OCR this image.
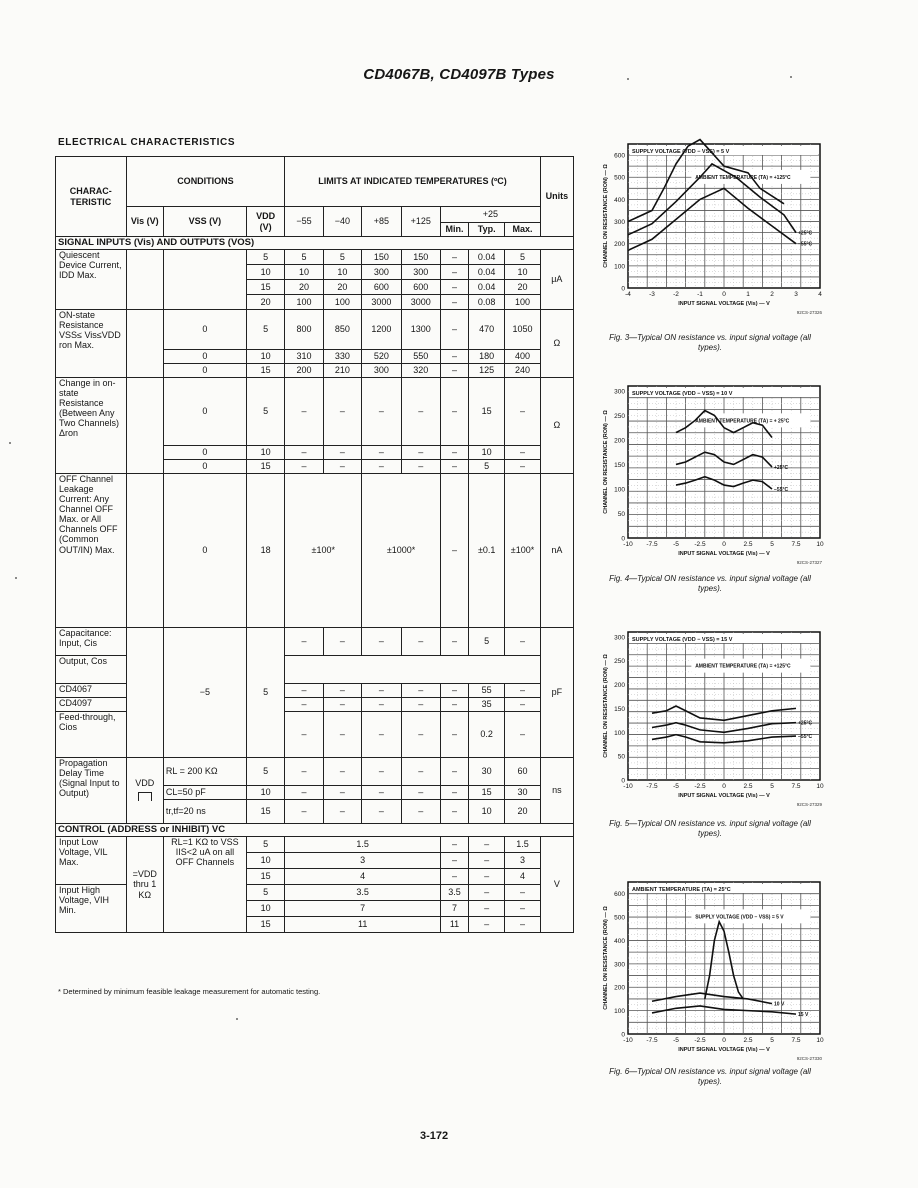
CD4067B, CD4097B Types
ELECTRICAL CHARACTERISTICS
CHARAC-TERISTIC	CONDITIONS			LIMITS AT INDICATED TEMPERATURES (ºC)							Units
	Vis (V)	VSS (V)	VDD (V)	−55	−40	+85	+125	+25			
								Min.	Typ.	Max.	
SIGNAL INPUTS (Vis) AND OUTPUTS (VOS)											
Quiescent Device Current, IDD Max.			5	5	5	150	150	–	0.04	5	μA
			10	10	10	300	300	–	0.04	10	
			15	20	20	600	600	–	0.04	20	
			20	100	100	3000	3000	–	0.08	100	
ON-state Resistance VSS≤ Vis≤VDD ron Max.		0	5	800	850	1200	1300	–	470	1050	Ω
		0	10	310	330	520	550	–	180	400	
		0	15	200	210	300	320	–	125	240	
Change in on-state Resistance (Between Any Two Channels) Δron		0	5	–	–	–	–	–	15	–	Ω
		0	10	–	–	–	–	–	10	–	
		0	15	–	–	–	–	–	5	–	
OFF Channel Leakage Current: Any Channel OFF Max. or All Channels OFF (Common OUT/IN) Max.		0	18	±100*		±1000*		–	±0.1	±100*	nA
Capacitance: Input, Cis		−5	5	–	–	–	–	–	5	–	pF
Output, Cos											
CD4067				–	–	–	–	–	55	–	
CD4097				–	–	–	–	–	35	–	
Feed-through, Cios				–	–	–	–	–	0.2	–	
Propagation Delay Time (Signal Input to Output)	VDD	RL = 200 KΩ	5	–	–	–	–	–	30	60	ns
		CL=50 pF	10	–	–	–	–	–	15	30	
		tr,tf=20 ns	15	–	–	–	–	–	10	20	
CONTROL (ADDRESS or INHIBIT) VC											
Input Low Voltage, VIL Max.	=VDD thru 1 KΩ	RL=1 KΩ to VSS IIS<2 uA on all OFF Channels	5	1.5				–	–	1.5	V
			10	3				–	–	3	
			15	4				–	–	4	
Input High Voltage, VIH Min.			5	3.5				3.5	–	–	
			10	7				7	–	–	
			15	11				11	–	–	
* Determined by minimum feasible leakage measurement for automatic testing.
3-172
0
100
200
300
400
500
600
-4	-3	-2	-1	0	1	2	3	4
INPUT SIGNAL VOLTAGE (Vis) — V
92CS-27326
CHANNEL ON RESISTANCE (RON) — Ω
SUPPLY VOLTAGE (VDD − VSS) = 5 V
AMBIENT TEMPERATURE (TA) = +125°C
+25°C
−55°C
Fig. 3—Typical ON resistance vs. input signal voltage (all types).
0
50
100
150
200
250
300
-10 -7.5 -5 -2.5	0	2.5	5	7.5 10
INPUT SIGNAL VOLTAGE (Vis) — V
92CS-27327
CHANNEL ON RESISTANCE (RON) — Ω
SUPPLY VOLTAGE (VDD − VSS) = 10 V
AMBIENT TEMPERATURE (TA) = + 25°C
+25°C
−55°C
Fig. 4—Typical ON resistance vs. input signal voltage (all types).
0
50
100
150
200
250
300
-10 -7.5 -5 -2.5	0	2.5	5	7.5 10
INPUT SIGNAL VOLTAGE (Vis) — V
92CS-27329
CHANNEL ON RESISTANCE (RON) — Ω
SUPPLY VOLTAGE (VDD − VSS) = 15 V
AMBIENT TEMPERATURE (TA) = +125°C
+25°C
−55°C
Fig. 5—Typical ON resistance vs. input signal voltage (all types).
0
100
200
300
400
500
600
-10 -7.5 -5 -2.5	0	2.5	5	7.5 10
INPUT SIGNAL VOLTAGE (Vis) — V
92CS-27330
CHANNEL ON RESISTANCE (RON) — Ω
AMBIENT TEMPERATURE (TA) = 25°C
SUPPLY VOLTAGE (VDD − VSS) = 5 V
10 V
15 V
Fig. 6—Typical ON resistance vs. input signal voltage (all types).
